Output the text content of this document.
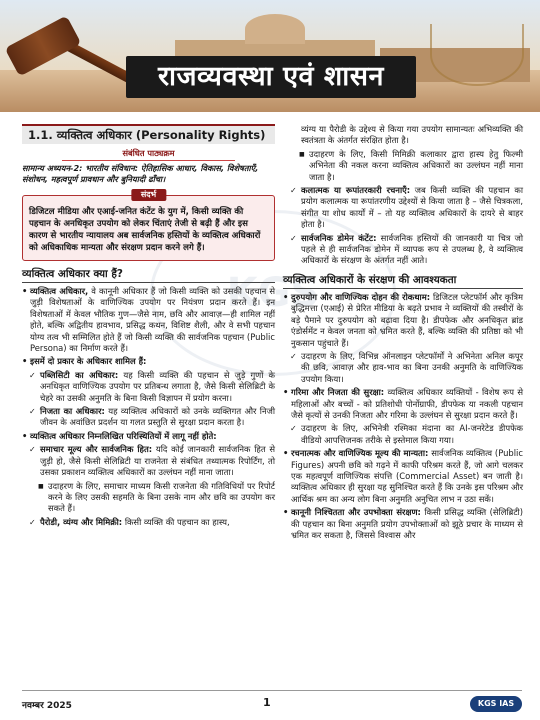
राजव्यवस्था एवं शासन
KGS
1.1. व्यक्तित्व अधिकार (Personality Rights)
संबंधित पाठ्यक्रम
सामान्य अध्ययन-2: भारतीय संविधान: ऐतिहासिक आधार, विकास, विशेषताएँ, संशोधन, महत्वपूर्ण प्रावधान और बुनियादी ढाँचा।
संदर्भ
डिजिटल मीडिया और एआई-जनित कंटेंट के युग में, किसी व्यक्ति की पहचान के अनधिकृत उपयोग को लेकर चिंताएं तेजी से बढ़ी हैं और इस कारण से भारतीय न्यायालय अब सार्वजनिक हस्तियों के व्यक्तित्व अधिकारों को अधिकाधिक मान्यता और संरक्षण प्रदान करने लगे हैं।
व्यक्तित्व अधिकार क्या हैं?
• व्यक्तित्व अधिकार, वे कानूनी अधिकार हैं जो किसी व्यक्ति को उसकी पहचान से जुड़ी विशेषताओं के वाणिज्यिक उपयोग पर नियंत्रण प्रदान करते हैं। इन विशेषताओं में केवल भौतिक गुण—जैसे नाम, छवि और आवाज़—ही शामिल नहीं होते, बल्कि अद्वितीय हावभाव, प्रसिद्ध कथन, विशिष्ट शैली, और वे सभी पहचान योग्य तत्व भी सम्मिलित होते हैं जो किसी व्यक्ति की सार्वजनिक पहचान (Public Persona) का निर्माण करते हैं।
• इसमें दो प्रकार के अधिकार शामिल हैं:
✓ पब्लिसिटी का अधिकार: यह किसी व्यक्ति की पहचान से जुड़े गुणों के अनधिकृत वाणिज्यिक उपयोग पर प्रतिबन्ध लगाता है, जैसे किसी सेलिब्रिटी के चेहरे का उसकी अनुमति के बिना किसी विज्ञापन में प्रयोग करना।
✓ निजता का अधिकार: यह व्यक्तित्व अधिकारों को उनके व्यक्तिगत और निजी जीवन के अवांछित प्रदर्शन या गलत प्रस्तुति से सुरक्षा प्रदान करता है।
• व्यक्तित्व अधिकार निम्नलिखित परिस्थितियों में लागू नहीं होते:
✓ समाचार मूल्य और सार्वजनिक हित: यदि कोई जानकारी सार्वजनिक हित से जुड़ी हो, जैसे किसी सेलिब्रिटी या राजनेता से संबंधित तथ्यात्मक रिपोर्टिंग, तो उसका प्रकाशन व्यक्तित्व अधिकारों का उल्लंघन नहीं माना जाता।
■ उदाहरण के लिए, समाचार माध्यम किसी राजनेता की गतिविधियों पर रिपोर्ट करने के लिए उसकी सहमति के बिना उसके नाम और छवि का उपयोग कर सकते हैं।
✓ पैरोडी, व्यंग्य और मिमिक्री: किसी व्यक्ति की पहचान का हास्य,
व्यंग्य या पैरोडी के उद्देश्य से किया गया उपयोग सामान्यतः अभिव्यक्ति की स्वतंत्रता के अंतर्गत संरक्षित होता है।
■ उदाहरण के लिए, किसी मिमिक्री कलाकार द्वारा हास्य हेतु फिल्मी अभिनेता की नकल करना व्यक्तित्व अधिकारों का उल्लंघन नहीं माना जाता है।
✓ कलात्मक या रूपांतरकारी रचनाएँ: जब किसी व्यक्ति की पहचान का प्रयोग कलात्मक या रूपांतरणीय उद्देश्यों से किया जाता है – जैसे चित्रकला, संगीत या शोध कार्यों में – तो यह व्यक्तित्व अधिकारों के दायरे से बाहर होता है।
✓ सार्वजनिक डोमेन कंटेंट: सार्वजनिक हस्तियों की जानकारी या चित्र जो पहले से ही सार्वजनिक डोमेन में व्यापक रूप से उपलब्ध है, वे व्यक्तित्व अधिकारों के संरक्षण के अंतर्गत नहीं आते।
व्यक्तित्व अधिकारों के संरक्षण की आवश्यकता
• दुरुपयोग और वाणिज्यिक दोहन की रोकथाम: डिजिटल प्लेटफॉर्म और कृत्रिम बुद्धिमत्ता (एआई) से प्रेरित मीडिया के बढ़ते प्रभाव ने व्यक्तियों की तस्वीरों के बड़े पैमाने पर दुरुपयोग को बढ़ावा दिया है। डीपफेक और अनधिकृत ब्रांड एंडोर्समेंट न केवल जनता को भ्रमित करते हैं, बल्कि व्यक्ति की प्रतिष्ठा को भी नुकसान पहुंचाते हैं।
✓ उदाहरण के लिए, विभिन्न ऑनलाइन प्लेटफॉर्मों ने अभिनेता अनिल कपूर की छवि, आवाज़ और हाव-भाव का बिना उनकी अनुमति के वाणिज्यिक उपयोग किया।
• गरिमा और निजता की सुरक्षा: व्यक्तित्व अधिकार व्यक्तियों - विशेष रूप से महिलाओं और बच्चों - को प्रतिशोधी पोर्नोग्राफी, डीपफेक या नकली पहचान जैसे कृत्यों से उनकी निजता और गरिमा के उल्लंघन से सुरक्षा प्रदान करते हैं।
✓ उदाहरण के लिए, अभिनेत्री रश्मिका मंदाना का AI-जनरेटेड डीपफेक वीडियो आपत्तिजनक तरीके से इस्तेमाल किया गया।
• रचनात्मक और वाणिज्यिक मूल्य की मान्यता: सार्वजनिक व्यक्तित्व (Public Figures) अपनी छवि को गढ़ने में काफी परिश्रम करते हैं, जो आगे चलकर एक महत्वपूर्ण वाणिज्यिक संपत्ति (Commercial Asset) बन जाती है। व्यक्तित्व अधिकार ही सुरक्षा यह सुनिश्चित करते हैं कि उनके इस परिश्रम और आर्थिक श्रम का अन्य लोग बिना अनुमति अनुचित लाभ न उठा सकें।
• कानूनी निश्चितता और उपभोक्ता संरक्षण: किसी प्रसिद्ध व्यक्ति (सेलिब्रिटी) की पहचान का बिना अनुमति प्रयोग उपभोक्ताओं को झूठे प्रचार के माध्यम से भ्रमित कर सकता है, जिससे विश्वास और
नवम्बर 2025	1	KGS IAS
